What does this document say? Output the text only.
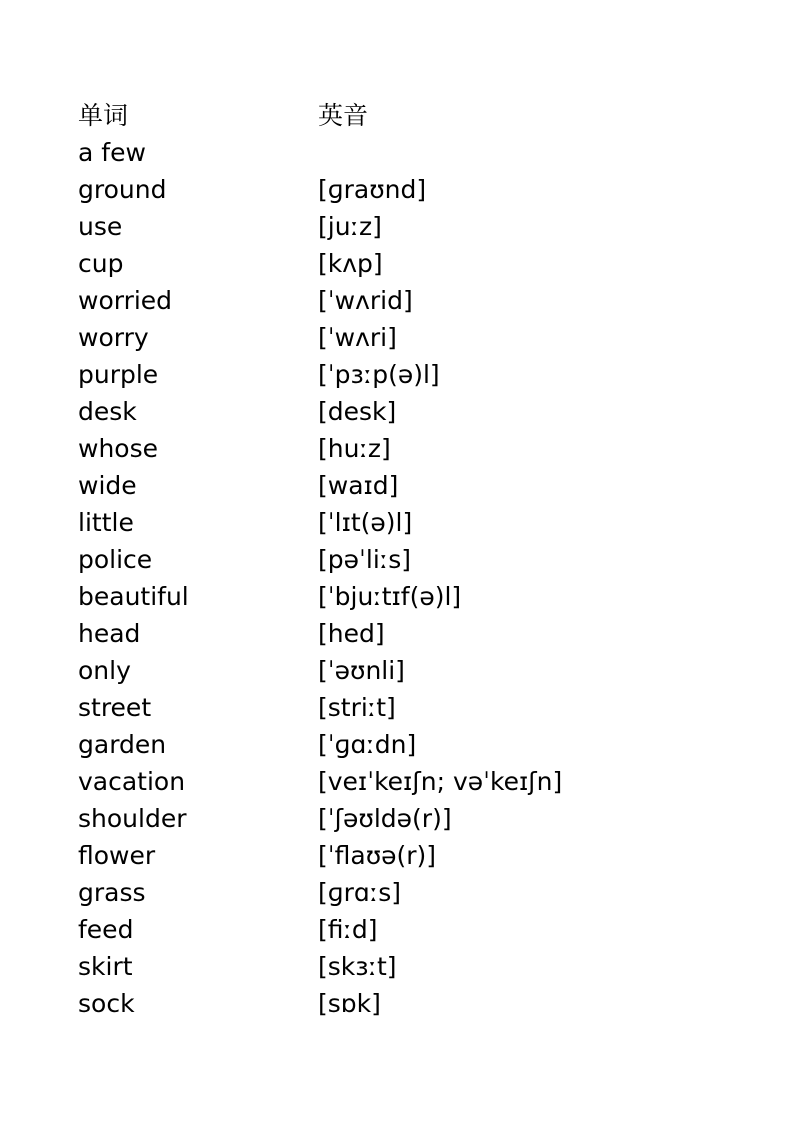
单词	英音
a few
ground	[ɡraʊnd]
use	[juːz]
cup	[kʌp]
worried	[ˈwʌrid]
worry	[ˈwʌri]
purple	[ˈpɜːp(ə)l]
desk	[desk]
whose	[huːz]
wide	[waɪd]
little	[ˈlɪt(ə)l]
police	[pəˈliːs]
beautiful	[ˈbjuːtɪf(ə)l]
head	[hed]
only	[ˈəʊnli]
street	[striːt]
garden	[ˈɡɑːdn]
vacation	[veɪˈkeɪʃn; vəˈkeɪʃn]
shoulder	[ˈʃəʊldə(r)]
flower	[ˈflaʊə(r)]
grass	[ɡrɑːs]
feed	[fiːd]
skirt	[skɜːt]
sock	[sɒk]
